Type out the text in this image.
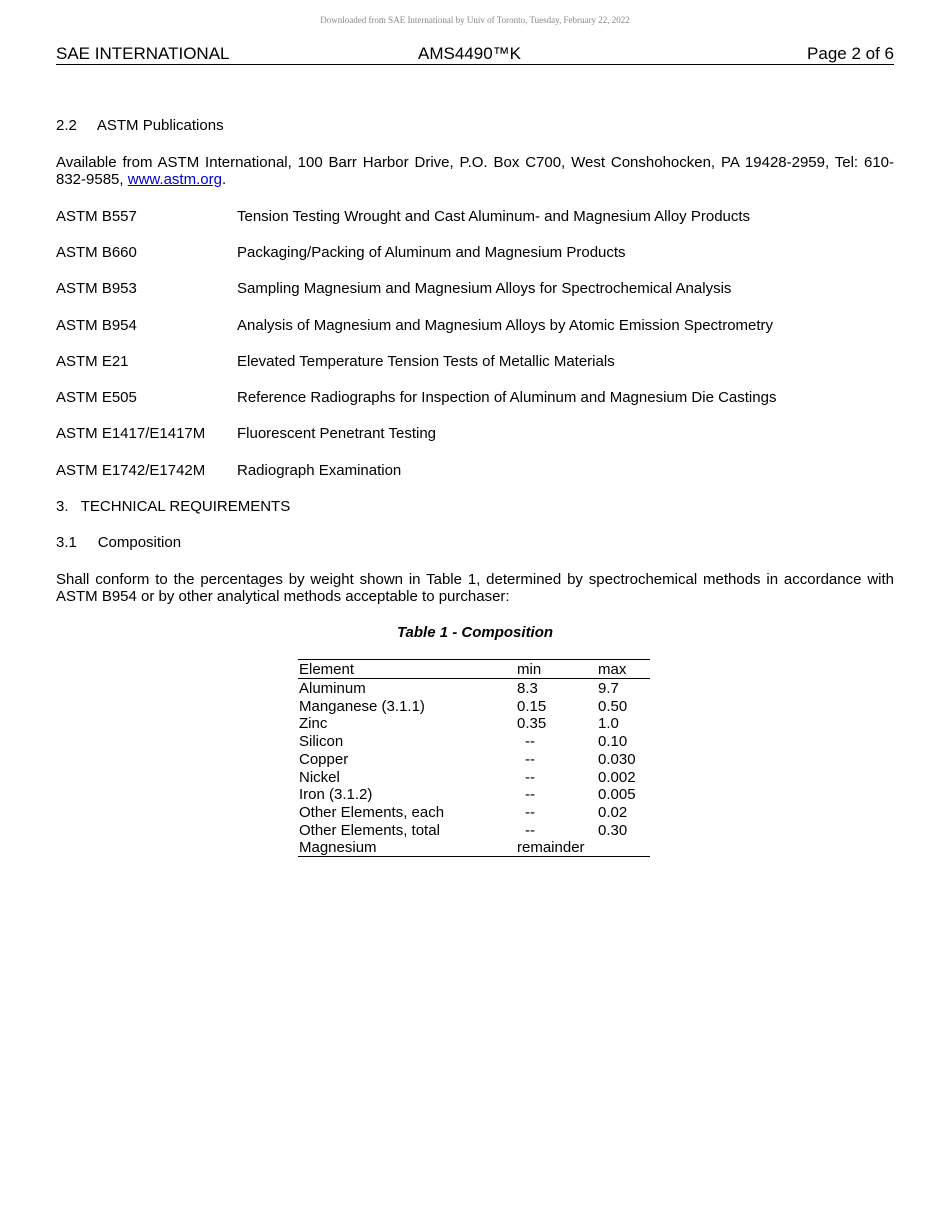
Downloaded from SAE International by Univ of Toronto, Tuesday, February 22, 2022
SAE INTERNATIONAL	AMS4490™K	Page 2 of 6
2.2     ASTM Publications
Available from ASTM International, 100 Barr Harbor Drive, P.O. Box C700, West Conshohocken, PA 19428-2959, Tel: 610-832-9585, www.astm.org.
ASTM B557	Tension Testing Wrought and Cast Aluminum- and Magnesium Alloy Products
ASTM B660	Packaging/Packing of Aluminum and Magnesium Products
ASTM B953	Sampling Magnesium and Magnesium Alloys for Spectrochemical Analysis
ASTM B954	Analysis of Magnesium and Magnesium Alloys by Atomic Emission Spectrometry
ASTM E21	Elevated Temperature Tension Tests of Metallic Materials
ASTM E505	Reference Radiographs for Inspection of Aluminum and Magnesium Die Castings
ASTM E1417/E1417M Fluorescent Penetrant Testing
ASTM E1742/E1742M Radiograph Examination
3.   TECHNICAL REQUIREMENTS
3.1     Composition
Shall conform to the percentages by weight shown in Table 1, determined by spectrochemical methods in accordance with ASTM B954 or by other analytical methods acceptable to purchaser:
Table 1 - Composition
Element	min	max
Aluminum	8.3	9.7
Manganese (3.1.1)	0.15	0.50
Zinc	0.35	1.0
Silicon	--	0.10
Copper	--	0.030
Nickel	--	0.002
Iron (3.1.2)	--	0.005
Other Elements, each	--	0.02
Other Elements, total	--	0.30
Magnesium	remainder
